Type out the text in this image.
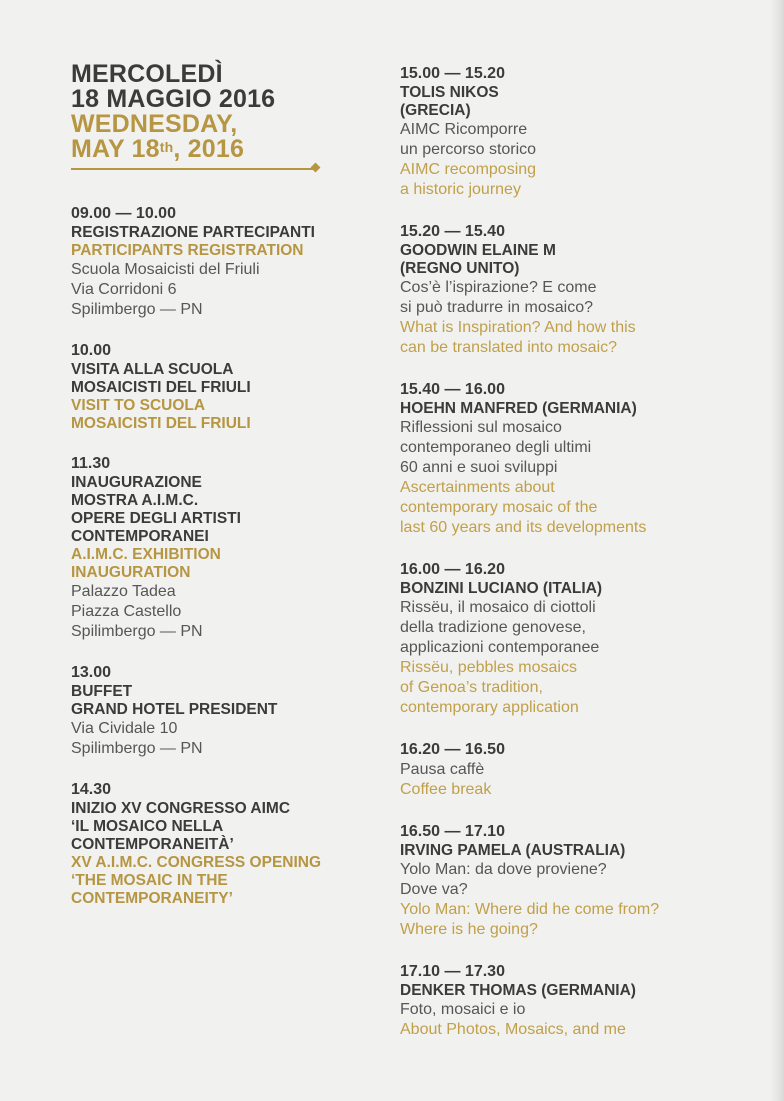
MERCOLEDÌ
18 MAGGIO 2016
WEDNESDAY,
MAY 18th, 2016
09.00 — 10.00
REGISTRAZIONE PARTECIPANTI
PARTICIPANTS REGISTRATION
Scuola Mosaicisti del Friuli
Via Corridoni 6
Spilimbergo — PN
10.00
VISITA ALLA SCUOLA
MOSAICISTI DEL FRIULI
VISIT TO SCUOLA
MOSAICISTI DEL FRIULI
11.30
INAUGURAZIONE
MOSTRA A.I.M.C.
OPERE DEGLI ARTISTI
CONTEMPORANEI
A.I.M.C. EXHIBITION
INAUGURATION
Palazzo Tadea
Piazza Castello
Spilimbergo — PN
13.00
BUFFET
GRAND HOTEL PRESIDENT
Via Cividale 10
Spilimbergo — PN
14.30
INIZIO XV CONGRESSO AIMC
‘IL MOSAICO NELLA
CONTEMPORANEITÀ’
XV A.I.M.C. CONGRESS OPENING
‘THE MOSAIC IN THE
CONTEMPORANEITY’
15.00 — 15.20
TOLIS NIKOS
(GRECIA)
AIMC Ricomporre
un percorso storico
AIMC recomposing
a historic journey
15.20 — 15.40
GOODWIN ELAINE M
(REGNO UNITO)
Cos’è l’ispirazione? E come
si può tradurre in mosaico?
What is Inspiration? And how this
can be translated into mosaic?
15.40 — 16.00
HOEHN MANFRED (GERMANIA)
Riflessioni sul mosaico
contemporaneo degli ultimi
60 anni e suoi sviluppi
Ascertainments about
contemporary mosaic of the
last 60 years and its developments
16.00 — 16.20
BONZINI LUCIANO (ITALIA)
Rissëu, il mosaico di ciottoli
della tradizione genovese,
applicazioni contemporanee
Rissëu, pebbles mosaics
of Genoa’s tradition,
contemporary application
16.20 — 16.50
Pausa caffè
Coffee break
16.50 — 17.10
IRVING PAMELA (AUSTRALIA)
Yolo Man: da dove proviene?
Dove va?
Yolo Man: Where did he come from?
Where is he going?
17.10 — 17.30
DENKER THOMAS (GERMANIA)
Foto, mosaici e io
About Photos, Mosaics, and me
